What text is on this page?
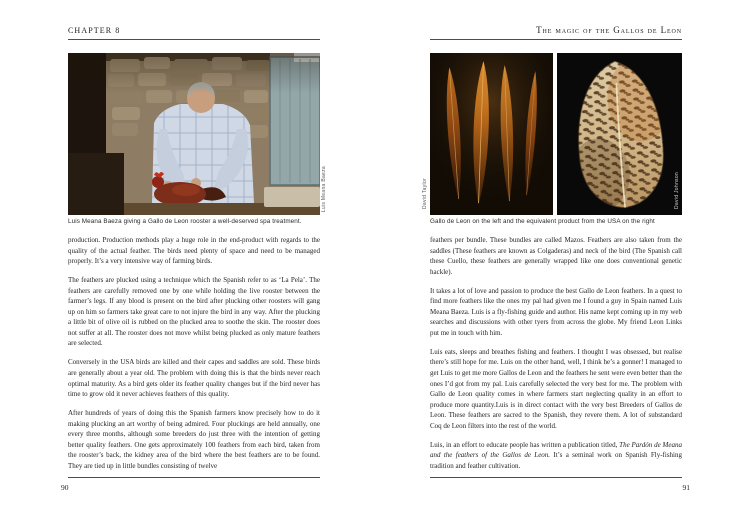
CHAPTER 8
Luis Meana Baeza
Luis Meana Baeza giving a Gallo de Leon rooster a well-deserved spa treatment.

production. Production methods play a huge role in the end-product with regards to the quality of the actual feather. The birds need plenty of space and need to be managed properly. It’s a very intensive way of farming birds.

The feathers are plucked using a technique which the Spanish refer to as ‘La Pela’. The feathers are carefully removed one by one while holding the live rooster between the farmer’s legs. If any blood is present on the bird after plucking other roosters will gang up on him so farmers take great care to not injure the bird in any way. After the plucking a little bit of olive oil is rubbed on the plucked area to soothe the skin. The rooster does not suffer at all. The rooster does not move whilst being plucked as only mature feathers are selected.

Conversely in the USA birds are killed and their capes and saddles are sold. These birds are generally about a year old. The problem with doing this is that the birds never reach optimal maturity. As a bird gets older its feather quality changes but if the bird never has time to grow old it never achieves feathers of this quality.

After hundreds of years of doing this the Spanish farmers know precisely how to do it making plucking an art worthy of being admired. Four pluckings are held annually, one every three months, although some breeders do just three with the intention of getting better quality feathers. One gets approximately 100 feathers from each bird, taken from the rooster’s back, the kidney area of the bird where the best feathers are to be found. They are tied up in little bundles consisting of twelve

90
The magic of the Gallos de Leon
David Taylor	David Johnson
Gallo de Leon on the left and the equivalent product from the USA on the right

feathers per bundle. These bundles are called Mazos. Feathers are also taken from the saddles (These feathers are known as Colgaderas) and neck of the bird (The Spanish call these Cuello, these feathers are generally wrapped like one does conventional genetic hackle).

It takes a lot of love and passion to produce the best Gallo de Leon feathers. In a quest to find more feathers like the ones my pal had given me I found a guy in Spain named Luis Meana Baeza. Luis is a fly-fishing guide and author. His name kept coming up in my web searches and discussions with other tyers from across the globe. My friend Leon Links put me in touch with him.

Luis eats, sleeps and breathes fishing and feathers. I thought I was obsessed, but realise there’s still hope for me. Luis on the other hand, well, I think he’s a gonner! I managed to get Luis to get me more Gallos de Leon and the feathers he sent were even better than the ones I’d got from my pal. Luis carefully selected the very best for me. The problem with Gallo de Leon quality comes in where farmers start neglecting quality in an effort to produce more quantity.Luis is in direct contact with the very best Breeders of Gallos de Leon. These feathers are sacred to the Spanish, they revere them. A lot of substandard Coq de Leon filters into the rest of the world.

Luis, in an effort to educate people has written a publication titled, The Pardón de Meana and the feathers of the Gallos de Leon. It’s a seminal work on Spanish Fly-fishing tradition and feather cultivation.

91
